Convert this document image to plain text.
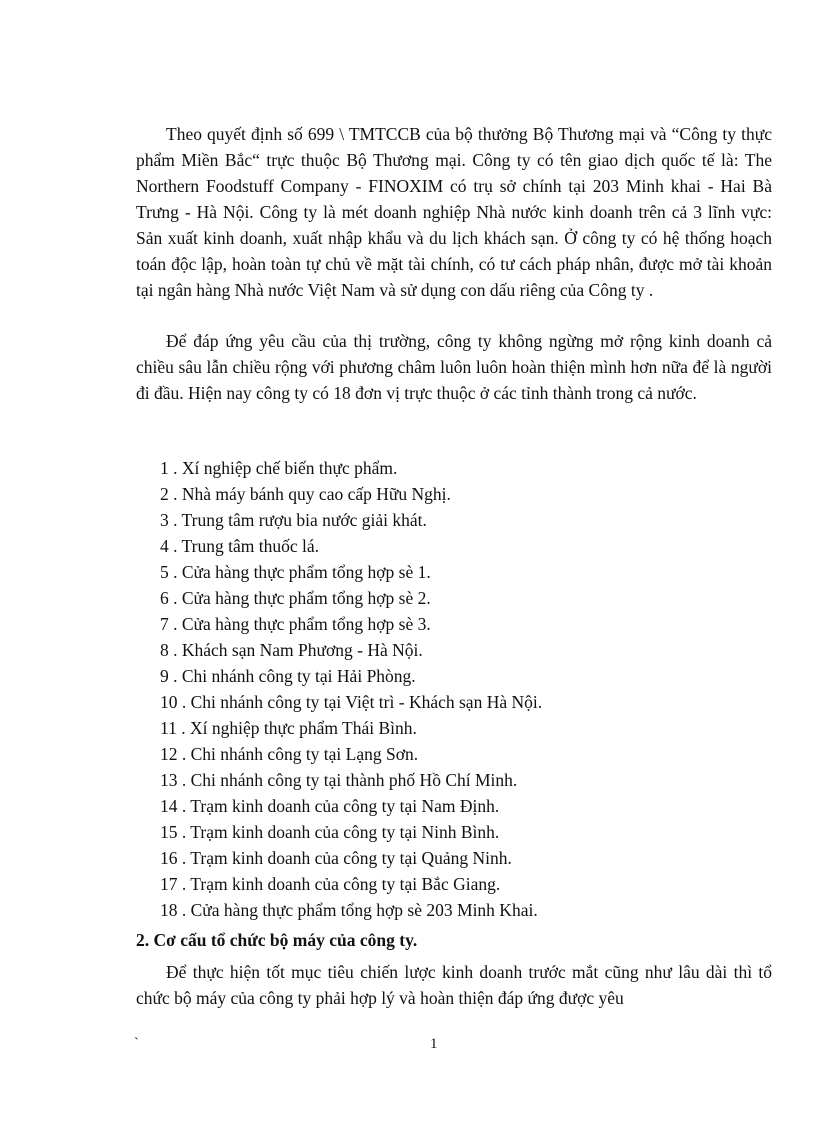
Theo quyết định số 699 \ TMTCCB của bộ thưởng Bộ Thương mại và “Công ty thực phẩm Miền Bắc“ trực thuộc Bộ Thương mại. Công ty có tên giao dịch quốc tế là: The Northern Foodstuff Company - FINOXIM có trụ sở chính tại 203 Minh khai - Hai Bà Trưng - Hà Nội. Công ty là mét doanh nghiệp Nhà nước kinh doanh trên cả 3 lĩnh vực: Sản xuất kinh doanh, xuất nhập khẩu và du lịch khách sạn. Ở công ty có hệ thống hoạch toán độc lập, hoàn toàn tự chủ về mặt tài chính, có tư cách pháp nhân, được mở tài khoản tại ngân hàng Nhà nước Việt Nam và sử dụng con dấu riêng của Công ty .

Để đáp ứng yêu cầu của thị trường, công ty không ngừng mở rộng kinh doanh cả chiều sâu lẫn chiều rộng với phương châm luôn luôn hoàn thiện mình hơn nữa để là người đi đầu. Hiện nay công ty có 18 đơn vị trực thuộc ở các tỉnh thành trong cả nước.

1 . Xí nghiệp chế biến thực phẩm.
2 . Nhà máy bánh quy cao cấp Hữu Nghị.
3 . Trung tâm rượu bia nước giải khát.
4 . Trung tâm thuốc lá.
5 . Cửa hàng thực phẩm tổng hợp sè 1.
6 . Cửa hàng thực phẩm tổng hợp sè 2.
7 . Cửa hàng thực phẩm tổng hợp sè 3.
8 . Khách sạn Nam Phương - Hà Nội.
9 . Chi nhánh công ty tại Hải Phòng.
10 . Chi nhánh công ty tại Việt trì - Khách sạn Hà Nội.
11 . Xí nghiệp thực phẩm Thái Bình.
12 . Chi nhánh công ty tại Lạng Sơn.
13 . Chi nhánh công ty tại thành phố Hồ Chí Minh.
14 . Trạm kinh doanh của công ty tại Nam Định.
15 . Trạm kinh doanh của công ty tại Ninh Bình.
16 . Trạm kinh doanh của công ty tại Quảng Ninh.
17 . Trạm kinh doanh của công ty tại Bắc Giang.
18 . Cửa hàng thực phẩm tổng hợp sè 203 Minh Khai.
2. Cơ cấu tổ chức bộ máy của công ty.

Để thực hiện tốt mục tiêu chiến lược kinh doanh trước mắt cũng như lâu dài thì tổ chức bộ máy của công ty phải hợp lý và hoàn thiện đáp ứng được yêu

`	1
